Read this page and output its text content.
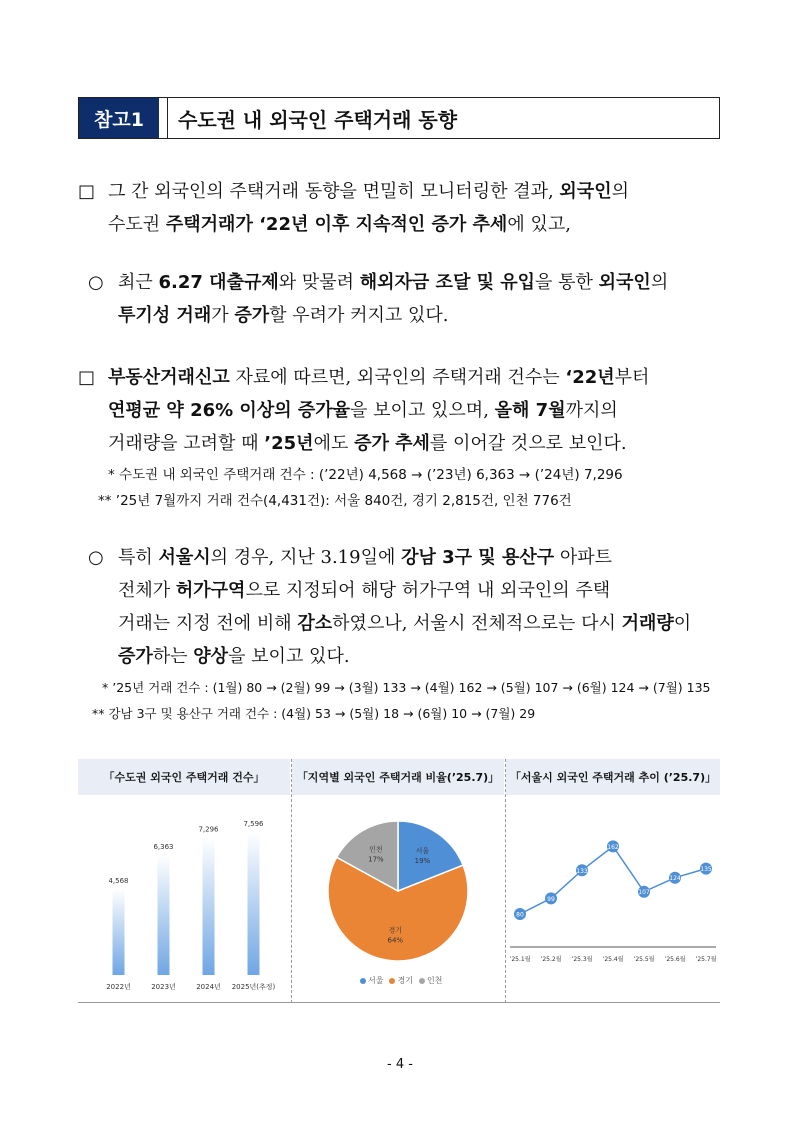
참고1	수도권 내 외국인 주택거래 동향
□ 그 간 외국인의 주택거래 동향을 면밀히 모니터링한 결과, 외국인의
수도권 주택거래가 ‘22년 이후 지속적인 증가 추세에 있고,
○ 최근 6.27 대출규제와 맞물려 해외자금 조달 및 유입을 통한 외국인의
투기성 거래가 증가할 우려가 커지고 있다.
□ 부동산거래신고 자료에 따르면, 외국인의 주택거래 건수는 ‘22년부터
연평균 약 26% 이상의 증가율을 보이고 있으며, 올해 7월까지의
거래량을 고려할 때 ’25년에도 증가 추세를 이어갈 것으로 보인다.
* 수도권 내 외국인 주택거래 건수 : (’22년) 4,568 → (’23년) 6,363 → (’24년) 7,296
** ’25년 7월까지 거래 건수(4,431건): 서울 840건, 경기 2,815건, 인천 776건
○ 특히 서울시의 경우, 지난 3.19일에 강남 3구 및 용산구 아파트
전체가 허가구역으로 지정되어 해당 허가구역 내 외국인의 주택
거래는 지정 전에 비해 감소하였으나, 서울시 전체적으로는 다시 거래량이
증가하는 양상을 보이고 있다.
* ’25년 거래 건수 : (1월) 80 → (2월) 99 → (3월) 133 → (4월) 162 → (5월) 107 → (6월) 124 → (7월) 135
** 강남 3구 및 용산구 거래 건수 : (4월) 53 → (5월) 18 → (6월) 10 → (7월) 29
「수도권 외국인 주택거래 건수」
4,568
2022년
6,363
2023년
7,296
2024년
7,596
2025년(추정)
「지역별 외국인 주택거래 비율(’25.7)」
서울
19%
경기
64%
인천
17%
서울	경기	인천
「서울시 외국인 주택거래 추이 (’25.7)」
80
’25.1월
99
’25.2월
133
’25.3월
162
’25.4월
107
’25.5월
124
’25.6월
135
’25.7월
- 4 -
